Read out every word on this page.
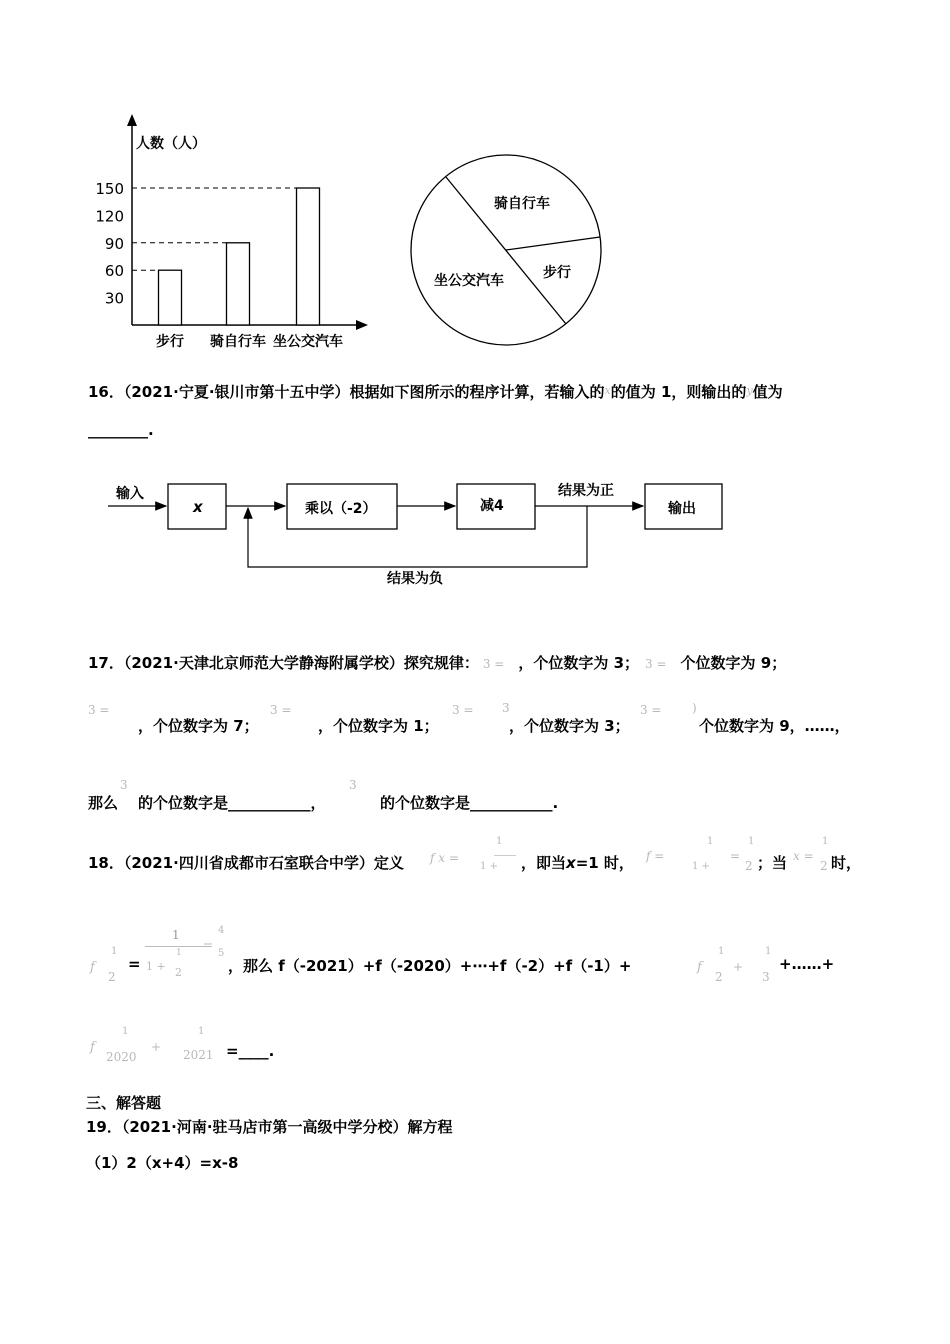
人数（人）
30
60
90
120
150
步行 骑自行车 坐公交汽车
骑自行车
步行
坐公交汽车
16．（2021·宁夏·银川市第十五中学）根据如下图所示的程序计算，若输入的$^x$的值为 1，则输出的$^y$值为
________.
输入
x	乘以（-2）	减4
结果为正
输出
结果为负
17．（2021·天津北京师范大学静海附属学校）探究规律： 3 = ，个位数字为 3； 3 = 个位数字为 9；
3 =
，个位数字为 7；
3 =
，个位数字为 1；
3 = 3
，个位数字为 3；
3 =	)
个位数字为 9，……，
那么
3
的个位数字是___________，
3
的个位数字是___________.
18．（2021·四川省成都市石室联合中学）定义 f x =
1
1 + ，即当x=1 时， f =
1
1 +
=
1
2 ；当 x =
1
2 时，
f
1
2
=
1
1 +
1
2
=
4
5
，那么 f（-2021）+f（-2020）+⋯+f（-2）+f（-1）+	f
1
2
+
1
3
+……+
f
1
2020
+
1
2021 =____.
三、解答题
19．（2021·河南·驻马店市第一高级中学分校）解方程
（1）2（x+4）=x-8
